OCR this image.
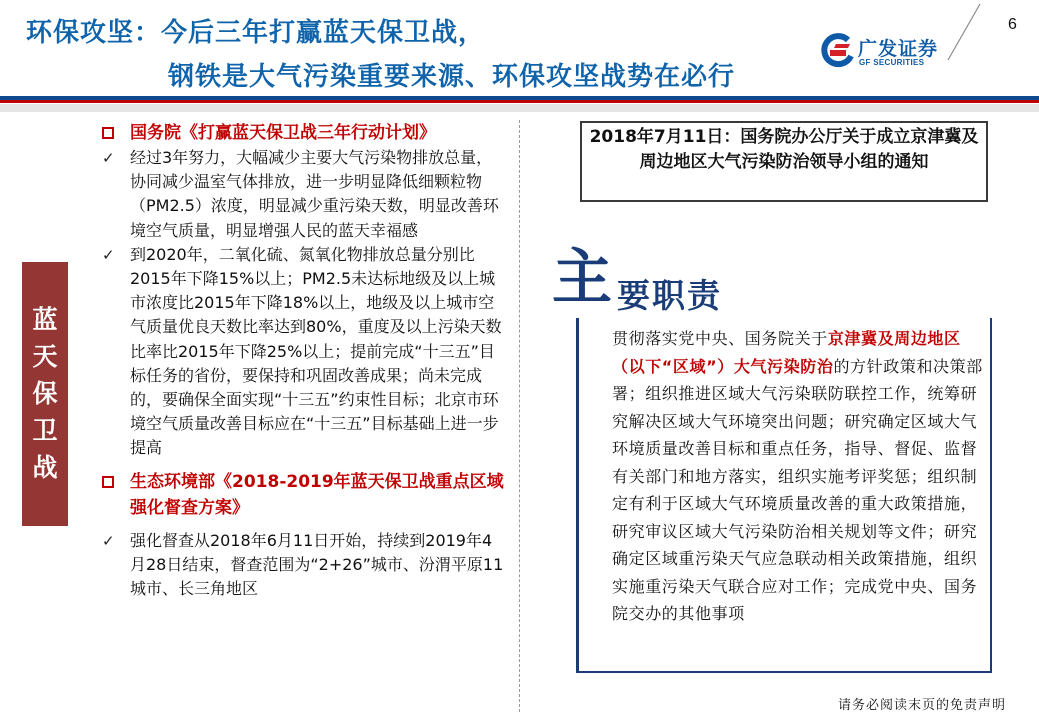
环保攻坚：今后三年打赢蓝天保卫战，
钢铁是大气污染重要来源、环保攻坚战势在必行
6
广发证券
GF SECURITIES
蓝
天
保
卫
战
国务院《打赢蓝天保卫战三年行动计划》
✓ 经过3年努力，大幅减少主要大气污染物排放总量，协同减少温室气体排放，进一步明显降低细颗粒物（PM2.5）浓度，明显减少重污染天数，明显改善环境空气质量，明显增强人民的蓝天幸福感
✓ 到2020年，二氧化硫、氮氧化物排放总量分别比2015年下降15%以上；PM2.5未达标地级及以上城市浓度比2015年下降18%以上，地级及以上城市空气质量优良天数比率达到80%，重度及以上污染天数比率比2015年下降25%以上；提前完成“十三五”目标任务的省份，要保持和巩固改善成果；尚未完成的，要确保全面实现“十三五”约束性目标；北京市环境空气质量改善目标应在“十三五”目标基础上进一步提高
生态环境部《2018-2019年蓝天保卫战重点区域强化督查方案》
✓ 强化督查从2018年6月11日开始，持续到2019年4月28日结束，督查范围为“2+26”城市、汾渭平原11城市、长三角地区
2018年7月11日：国务院办公厅关于成立京津冀及周边地区大气污染防治领导小组的通知
主 要职责
贯彻落实党中央、国务院关于京津冀及周边地区（以下“区域”）大气污染防治的方针政策和决策部署；组织推进区域大气污染联防联控工作，统筹研究解决区域大气环境突出问题；研究确定区域大气环境质量改善目标和重点任务，指导、督促、监督有关部门和地方落实，组织实施考评奖惩；组织制定有利于区域大气环境质量改善的重大政策措施，研究审议区域大气污染防治相关规划等文件；研究确定区域重污染天气应急联动相关政策措施，组织实施重污染天气联合应对工作；完成党中央、国务院交办的其他事项
请务必阅读末页的免责声明
